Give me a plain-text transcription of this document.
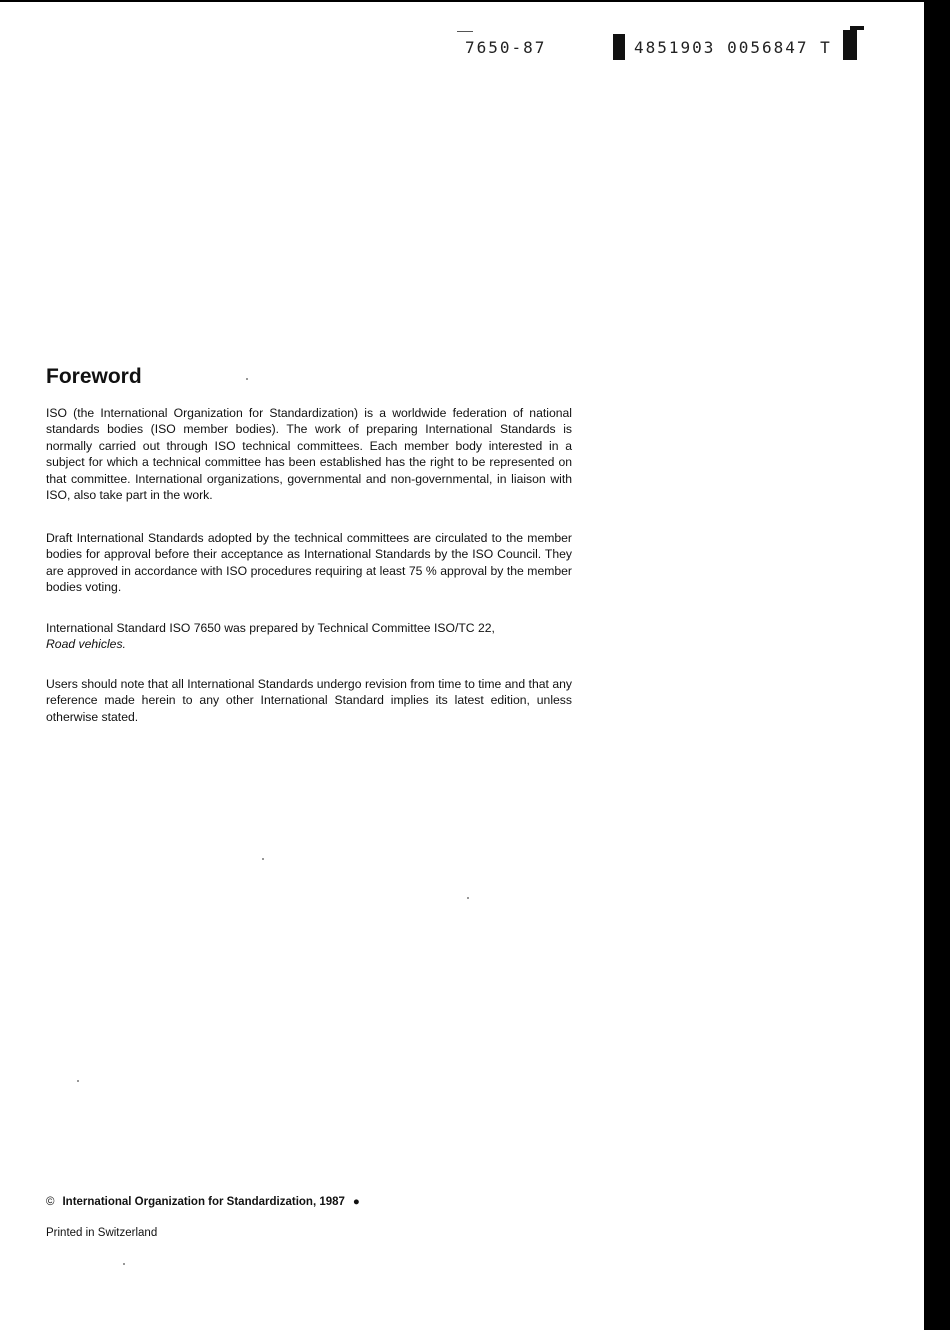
7650-87	4851903 0056847 T
Foreword

ISO (the International Organization for Standardization) is a worldwide federation of national standards bodies (ISO member bodies). The work of preparing International Standards is normally carried out through ISO technical committees. Each member body interested in a subject for which a technical committee has been established has the right to be represented on that committee. International organizations, governmental and non-governmental, in liaison with ISO, also take part in the work.

Draft International Standards adopted by the technical committees are circulated to the member bodies for approval before their acceptance as International Standards by the ISO Council. They are approved in accordance with ISO procedures requiring at least 75 % approval by the member bodies voting.

International Standard ISO 7650 was prepared by Technical Committee ISO/TC 22,
Road vehicles.

Users should note that all International Standards undergo revision from time to time and that any reference made herein to any other International Standard implies its latest edition, unless otherwise stated.

© International Organization for Standardization, 1987 ●
Printed in Switzerland
